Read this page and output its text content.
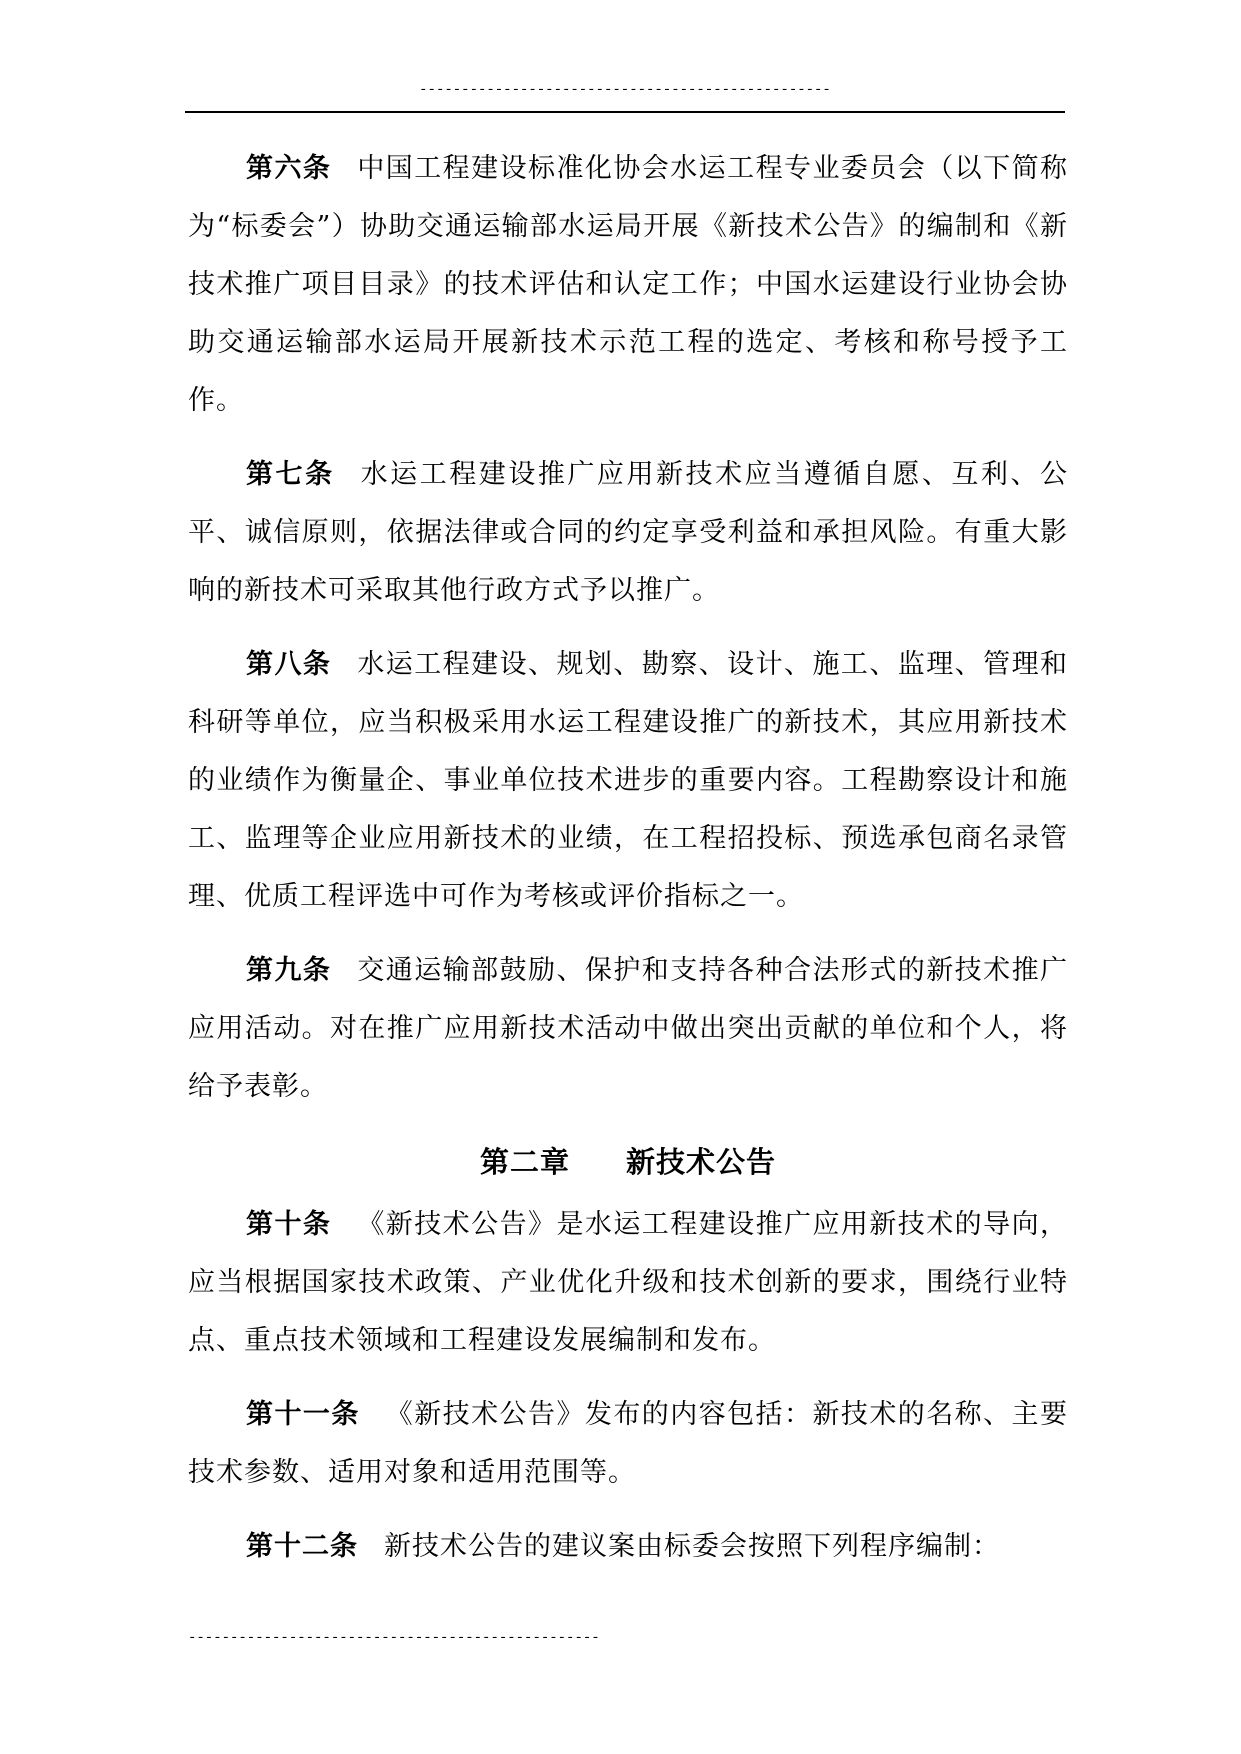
-------------------------------------------------

第六条 中国工程建设标准化协会水运工程专业委员会（以下简称为“标委会”）协助交通运输部水运局开展《新技术公告》的编制和《新技术推广项目目录》的技术评估和认定工作；中国水运建设行业协会协助交通运输部水运局开展新技术示范工程的选定、考核和称号授予工作。

第七条 水运工程建设推广应用新技术应当遵循自愿、互利、公平、诚信原则，依据法律或合同的约定享受利益和承担风险。有重大影响的新技术可采取其他行政方式予以推广。

第八条 水运工程建设、规划、勘察、设计、施工、监理、管理和科研等单位，应当积极采用水运工程建设推广的新技术，其应用新技术的业绩作为衡量企、事业单位技术进步的重要内容。工程勘察设计和施工、监理等企业应用新技术的业绩，在工程招投标、预选承包商名录管理、优质工程评选中可作为考核或评价指标之一。

第九条 交通运输部鼓励、保护和支持各种合法形式的新技术推广应用活动。对在推广应用新技术活动中做出突出贡献的单位和个人，将给予表彰。

第二章 新技术公告

第十条 《新技术公告》是水运工程建设推广应用新技术的导向，应当根据国家技术政策、产业优化升级和技术创新的要求，围绕行业特点、重点技术领域和工程建设发展编制和发布。

第十一条 《新技术公告》发布的内容包括：新技术的名称、主要技术参数、适用对象和适用范围等。

第十二条 新技术公告的建议案由标委会按照下列程序编制：

-------------------------------------------------
